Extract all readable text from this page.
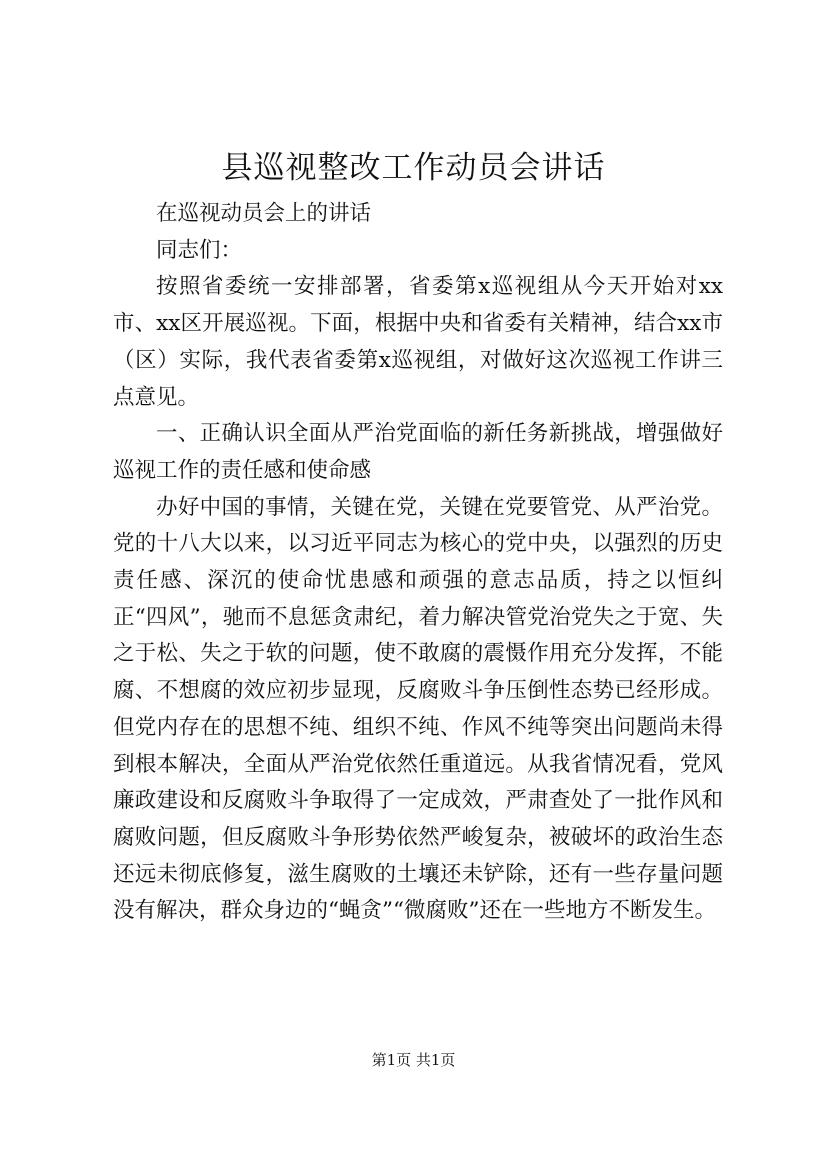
县巡视整改工作动员会讲话

在巡视动员会上的讲话

同志们：

按照省委统一安排部署，省委第x巡视组从今天开始对xx市、xx区开展巡视。下面，根据中央和省委有关精神，结合xx市（区）实际，我代表省委第x巡视组，对做好这次巡视工作讲三点意见。

一、正确认识全面从严治党面临的新任务新挑战，增强做好巡视工作的责任感和使命感

办好中国的事情，关键在党，关键在党要管党、从严治党。党的十八大以来，以习近平同志为核心的党中央，以强烈的历史责任感、深沉的使命忧患感和顽强的意志品质，持之以恒纠正“四风”，驰而不息惩贪肃纪，着力解决管党治党失之于宽、失之于松、失之于软的问题，使不敢腐的震慑作用充分发挥，不能腐、不想腐的效应初步显现，反腐败斗争压倒性态势已经形成。但党内存在的思想不纯、组织不纯、作风不纯等突出问题尚未得到根本解决，全面从严治党依然任重道远。从我省情况看，党风廉政建设和反腐败斗争取得了一定成效，严肃查处了一批作风和腐败问题，但反腐败斗争形势依然严峻复杂，被破坏的政治生态还远未彻底修复，滋生腐败的土壤还未铲除，还有一些存量问题没有解决，群众身边的“蝇贪”“微腐败”还在一些地方不断发生。

第1页 共1页
